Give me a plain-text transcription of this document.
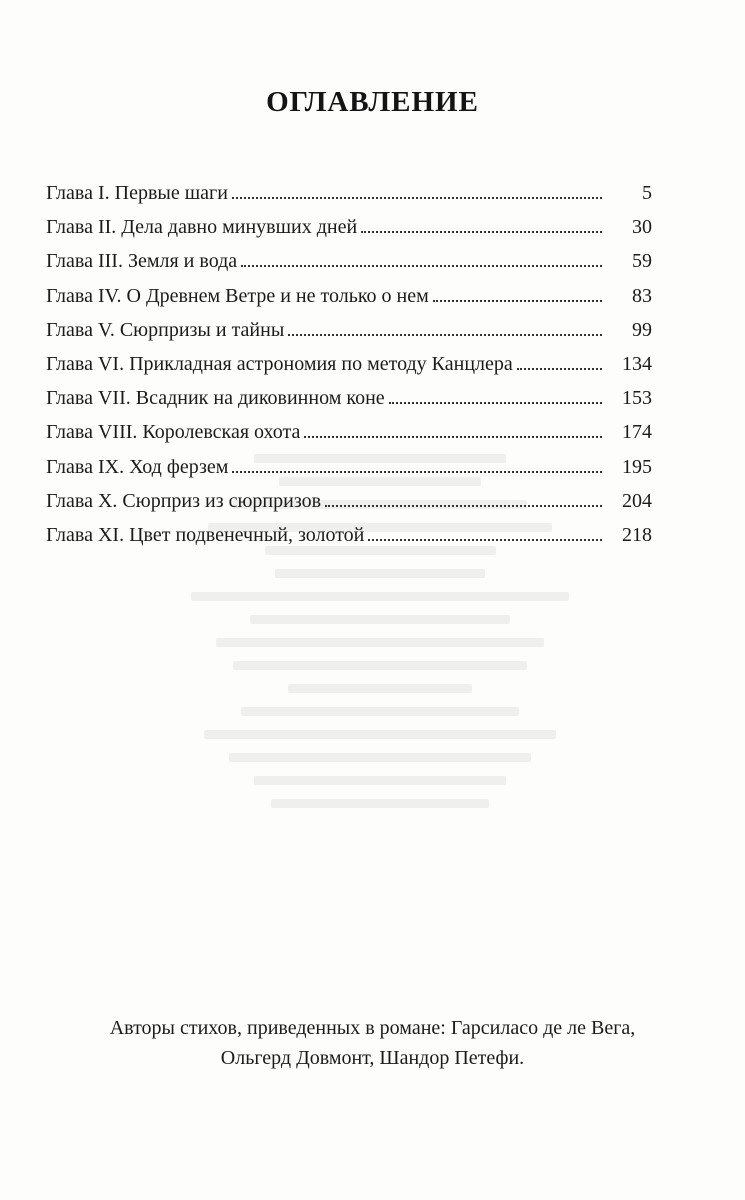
ОГЛАВЛЕНИЕ
Глава I. Первые шаги	5
Глава II. Дела давно минувших дней	30
Глава III. Земля и вода	59
Глава IV. О Древнем Ветре и не только о нем	83
Глава V. Сюрпризы и тайны	99
Глава VI. Прикладная астрономия по методу Канцлера	134
Глава VII. Всадник на диковинном коне	153
Глава VIII. Королевская охота	174
Глава IX. Ход ферзем	195
Глава X. Сюрприз из сюрпризов	204
Глава XI. Цвет подвенечный, золотой	218

Авторы стихов, приведенных в романе: Гарсиласо де ле Вега,

Ольгерд Довмонт, Шандор Петефи.
